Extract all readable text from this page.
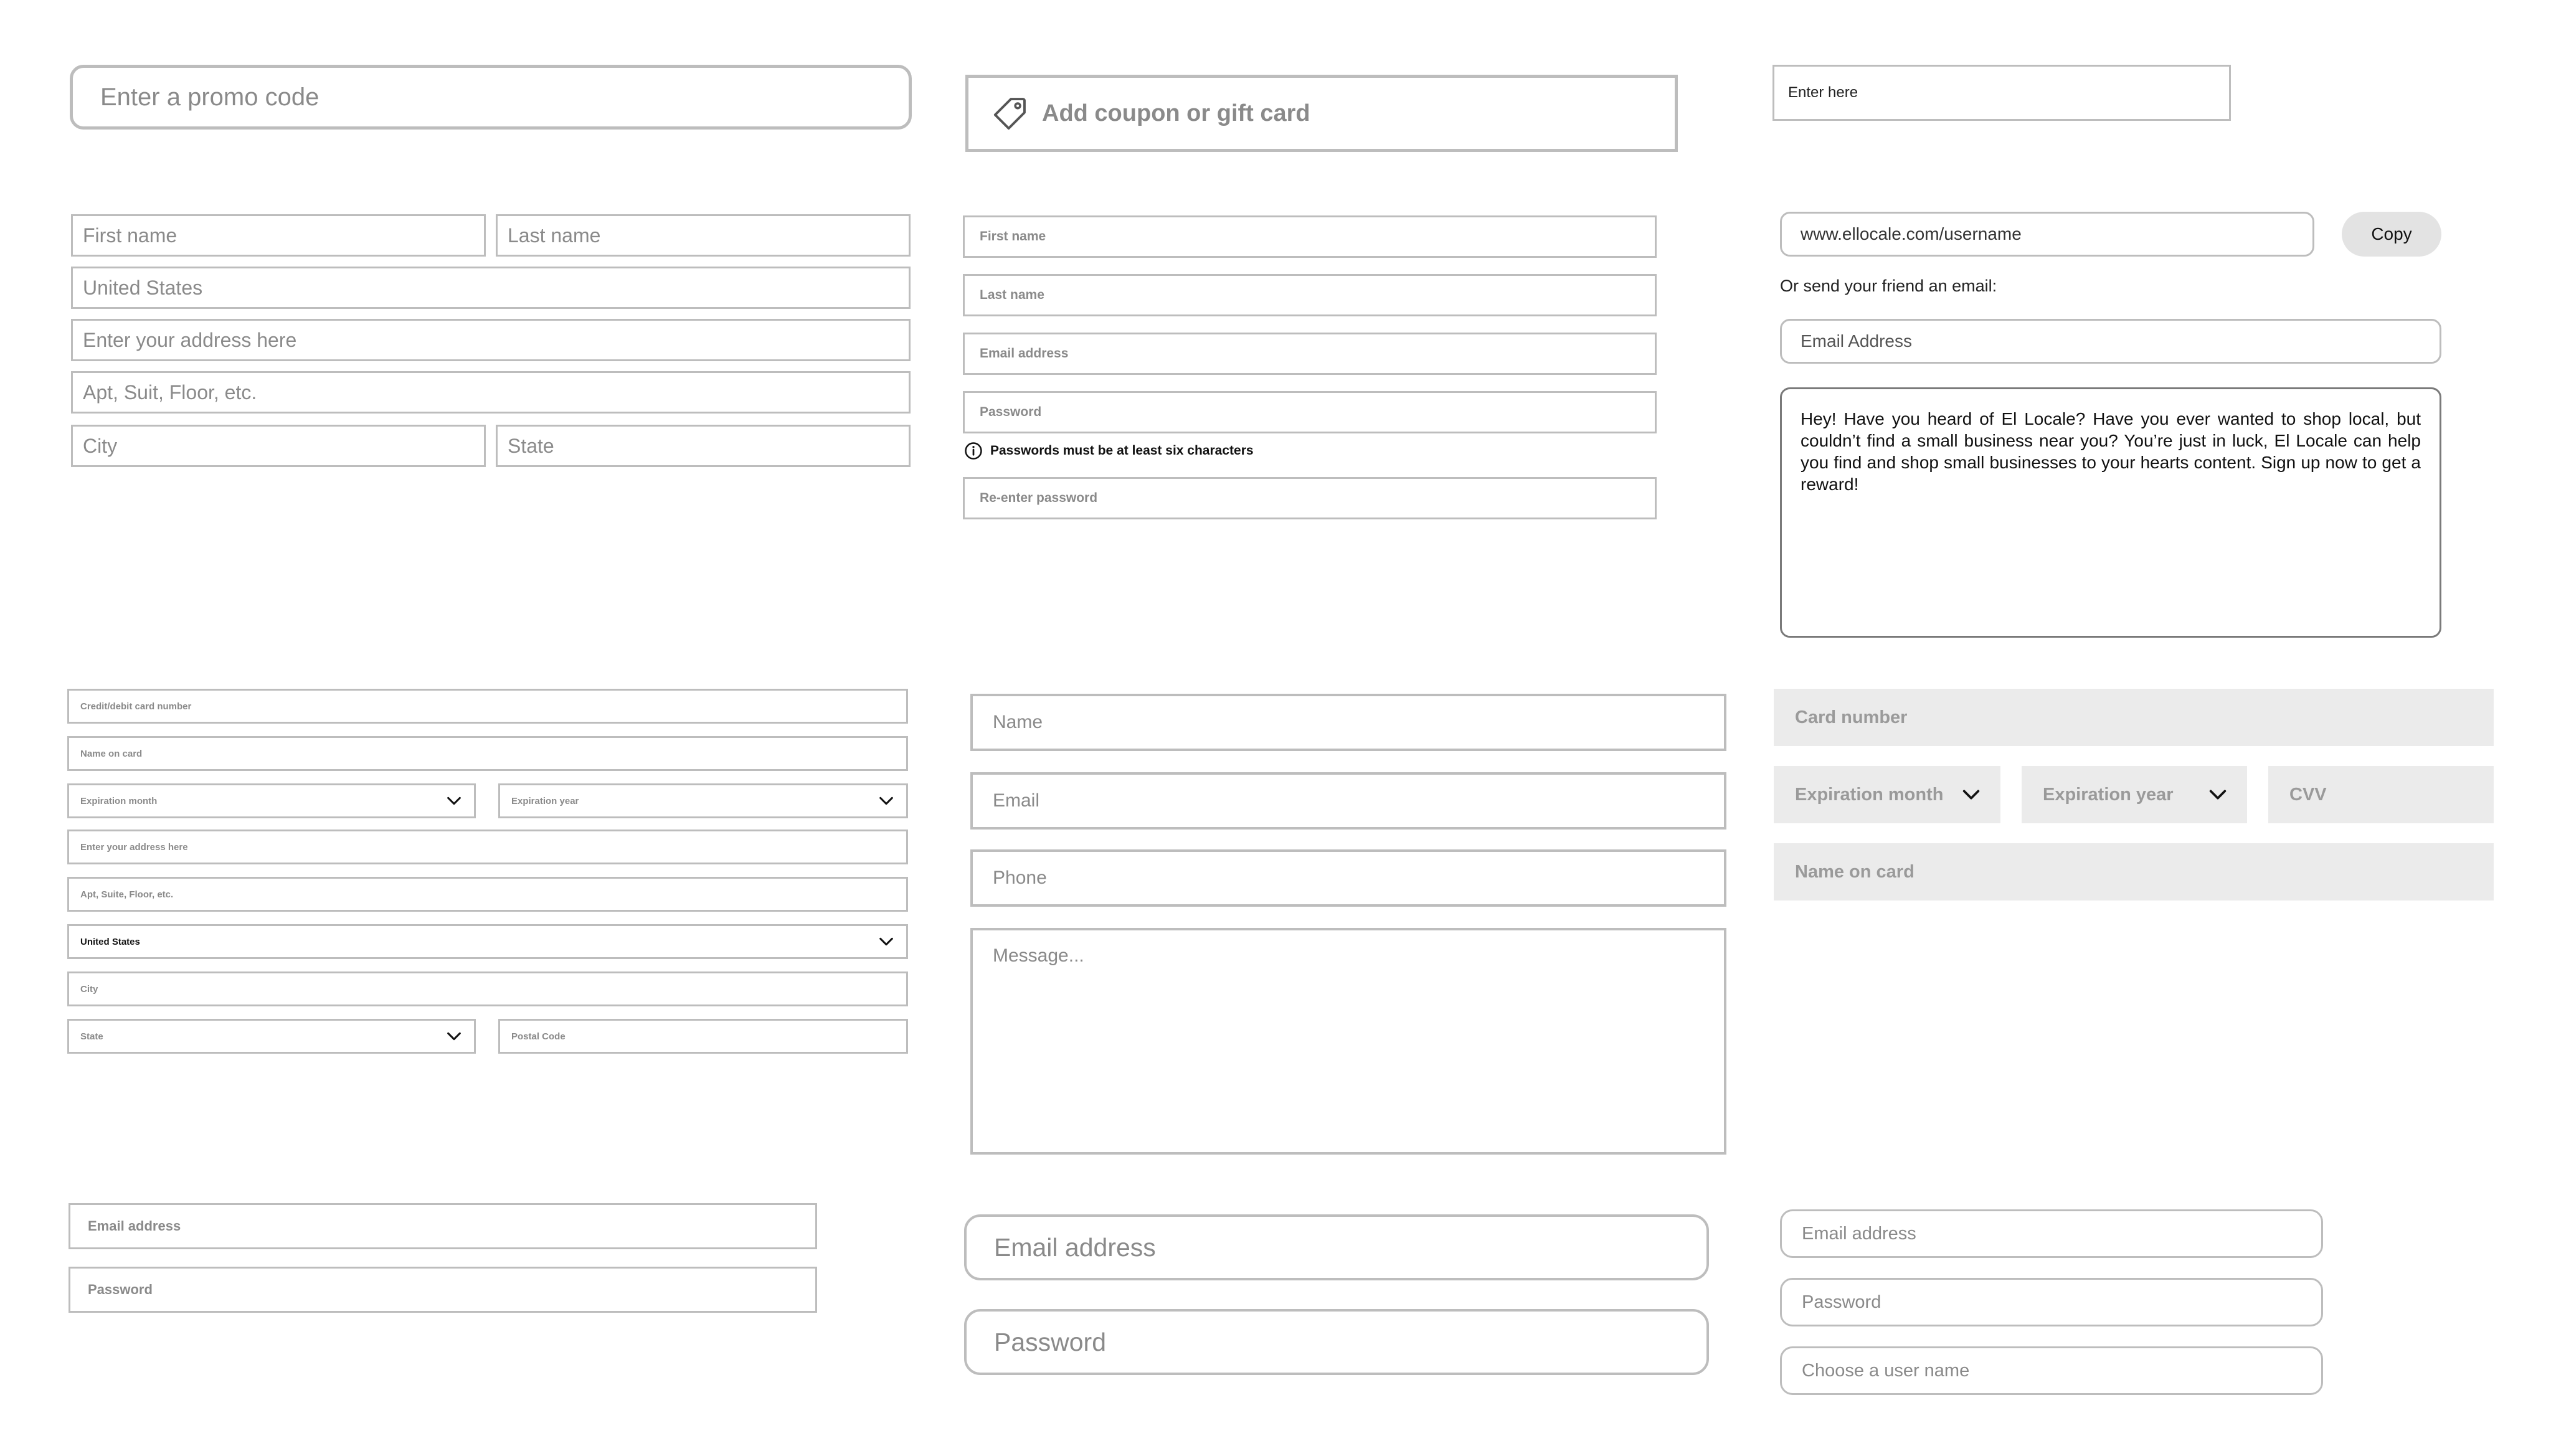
Enter a promo code
Add coupon or gift card
Enter here
First name	Last name
United States
Enter your address here
Apt, Suit, Floor, etc.
City	State
First name
Last name
Email address
Password
Passwords must be at least six characters
Re-enter password
www.ellocale.com/username	Copy
Or send your friend an email:
Email Address
Hey! Have you heard of El Locale? Have you ever wanted to shop local, but couldn’t find a small business near you? You’re just in luck, El Locale can help you find and shop small businesses to your hearts content. Sign up now to get a reward!
Credit/debit card number
Name on card
Expiration month	Expiration year
Enter your address here
Apt, Suite, Floor, etc.
United States
City
State	Postal Code
Name
Email
Phone
Message...
Card number
Expiration month	Expiration year	CVV
Name on card
Email address
Password
Email address
Password
Email address
Password
Choose a user name
